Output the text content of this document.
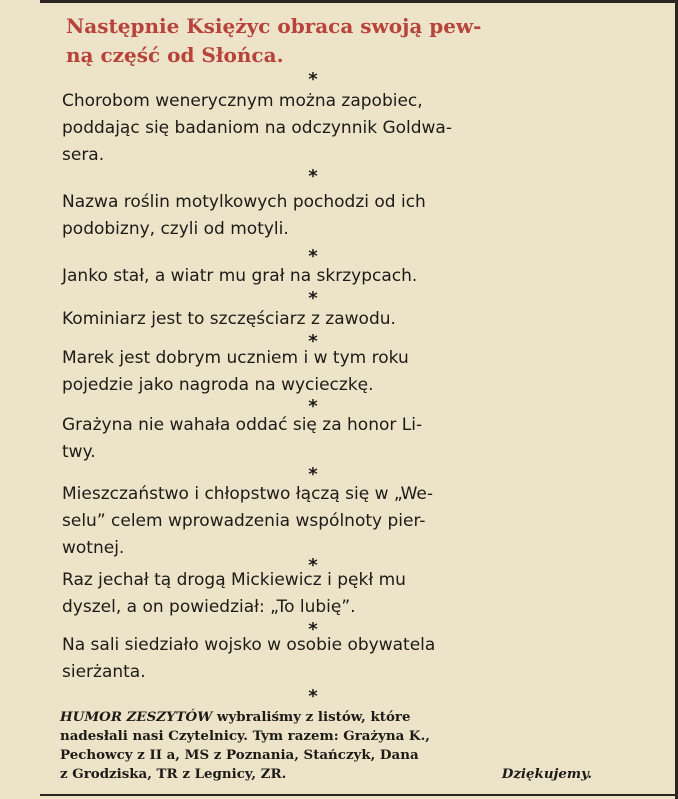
Następnie Księżyc obraca swoją pew-
ną część od Słońca.
*
Chorobom wenerycznym można zapobiec,
poddając się badaniom na odczynnik Goldwa-
sera.
*
Nazwa roślin motylkowych pochodzi od ich
podobizny, czyli od motyli.
*
Janko stał, a wiatr mu grał na skrzypcach.
*
Kominiarz jest to szczęściarz z zawodu.
*
Marek jest dobrym uczniem i w tym roku
pojedzie jako nagroda na wycieczkę.
*
Grażyna nie wahała oddać się za honor Li-
twy.
*
Mieszczaństwo i chłopstwo łączą się w „We-
selu” celem wprowadzenia wspólnoty pier-
wotnej.
*
Raz jechał tą drogą Mickiewicz i pękł mu
dyszel, a on powiedział: „To lubię”.
*
Na sali siedziało wojsko w osobie obywatela
sierżanta.
*
HUMOR ZESZYTÓW wybraliśmy z listów, które
nadesłali nasi Czytelnicy. Tym razem: Grażyna K.,
Pechowcy z II a, MS z Poznania, Stańczyk, Dana
z Grodziska, TR z Legnicy, ZR.	Dziękujemy.
